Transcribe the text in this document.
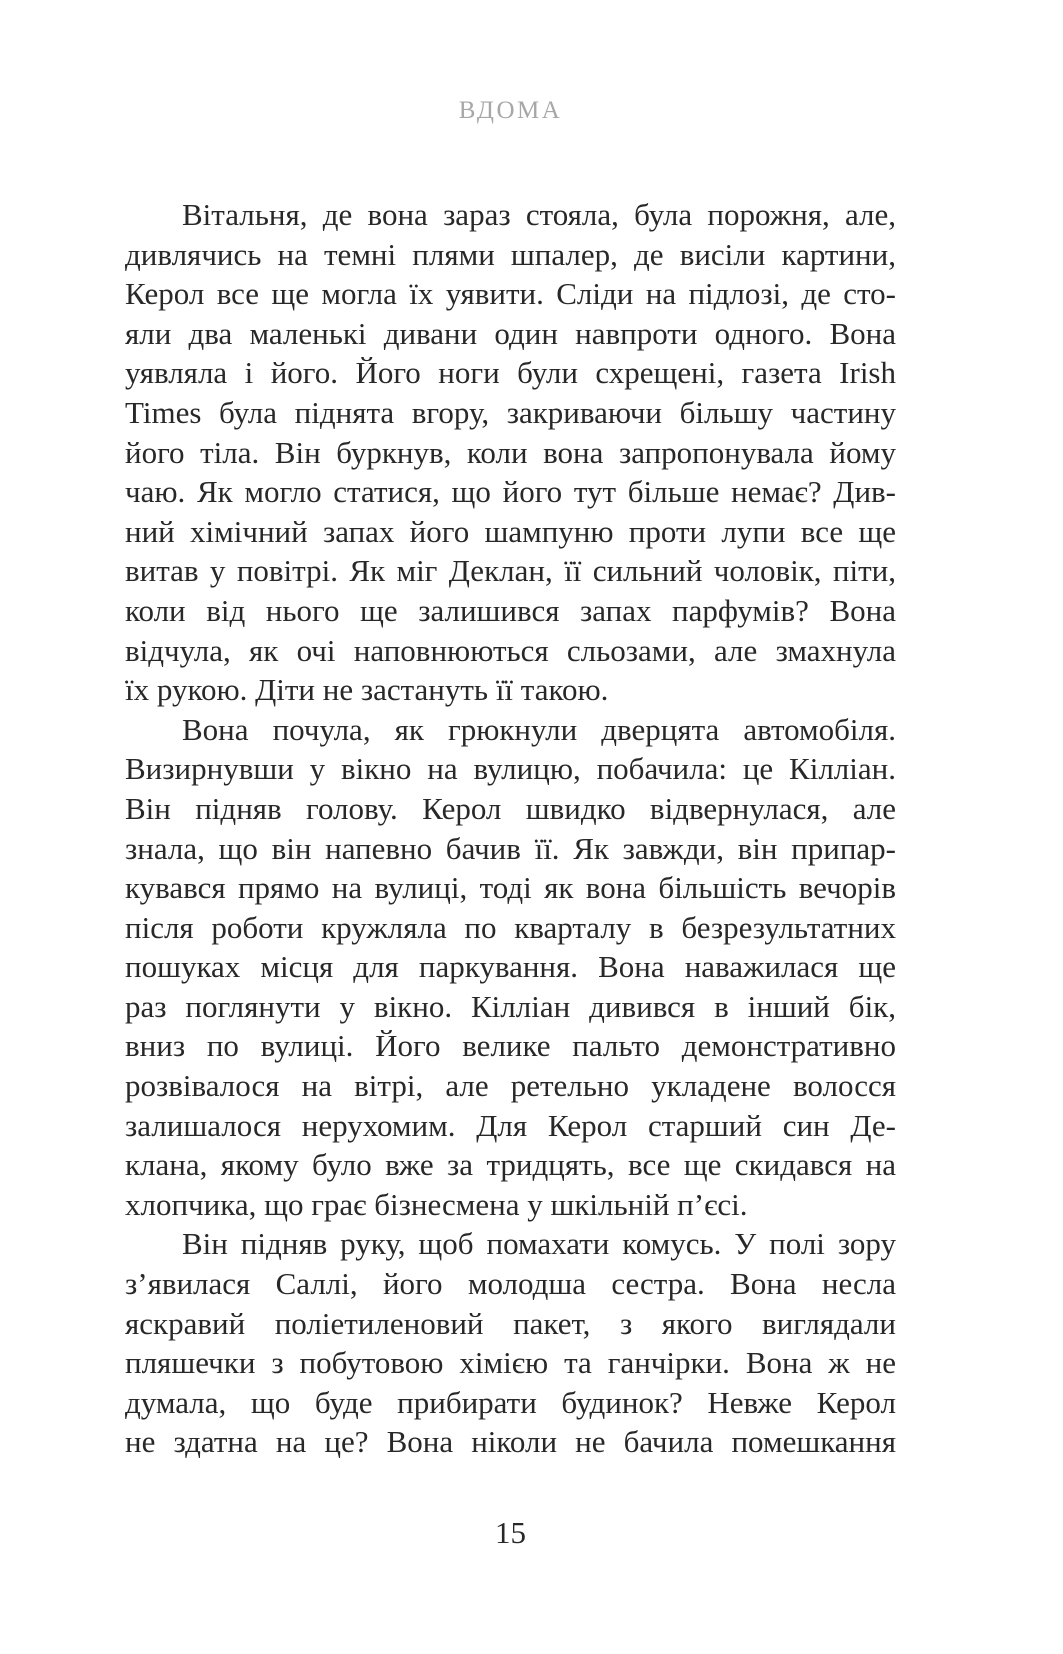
ВДОМА
Вітальня, де вона зараз стояла, була порожня, але,
дивлячись на темні плями шпалер, де висіли картини,
Керол все ще могла їх уявити. Сліди на підлозі, де сто-
яли два маленькі дивани один навпроти одного. Вона
уявляла і його. Його ноги були схрещені, газета Irish
Times була піднята вгору, закриваючи більшу частину
його тіла. Він буркнув, коли вона запропонувала йому
чаю. Як могло статися, що його тут більше немає? Див-
ний хімічний запах його шампуню проти лупи все ще
витав у повітрі. Як міг Деклан, її сильний чоловік, піти,
коли від нього ще залишився запах парфумів? Вона
відчула, як очі наповнюються сльозами, але змахнула
їх рукою. Діти не застануть її такою.
Вона почула, як грюкнули дверцята автомобіля.
Визирнувши у вікно на вулицю, побачила: це Кілліан.
Він підняв голову. Керол швидко відвернулася, але
знала, що він напевно бачив її. Як завжди, він припар-
кувався прямо на вулиці, тоді як вона більшість вечорів
після роботи кружляла по кварталу в безрезультатних
пошуках місця для паркування. Вона наважилася ще
раз поглянути у вікно. Кілліан дивився в інший бік,
вниз по вулиці. Його велике пальто демонстративно
розвівалося на вітрі, але ретельно укладене волосся
залишалося нерухомим. Для Керол старший син Де-
клана, якому було вже за тридцять, все ще скидався на
хлопчика, що грає бізнесмена у шкільній п’єсі.
Він підняв руку, щоб помахати комусь. У полі зору
з’явилася Саллі, його молодша сестра. Вона несла
яскравий поліетиленовий пакет, з якого виглядали
пляшечки з побутовою хімією та ганчірки. Вона ж не
думала, що буде прибирати будинок? Невже Керол
не здатна на це? Вона ніколи не бачила помешкання
15
